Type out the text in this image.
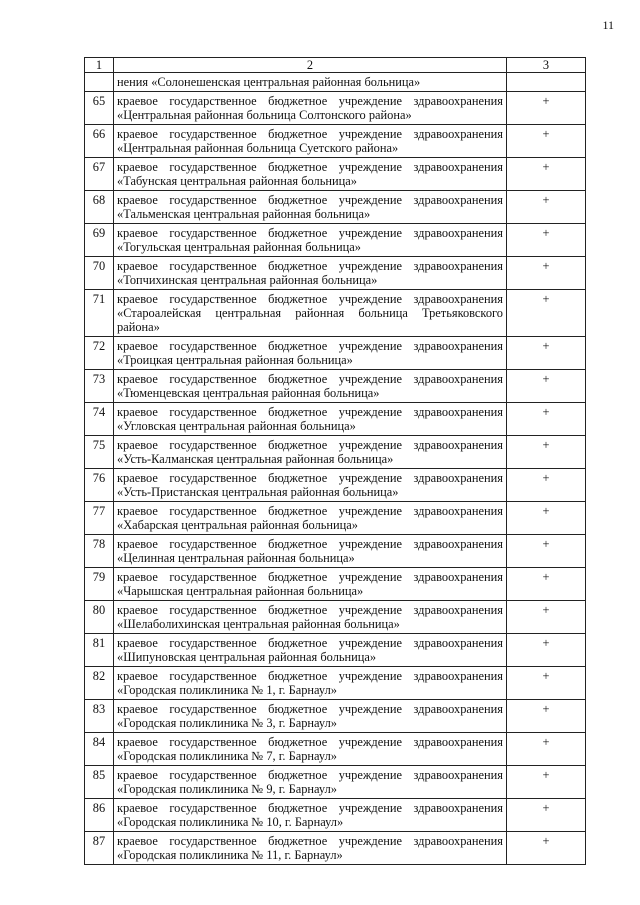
11
1	2	3
	нения «Солонешенская центральная районная больница»	
65	краевое государственное бюджетное учреждение здравоохранения «Центральная районная больница Солтонского района»	+
66	краевое государственное бюджетное учреждение здравоохранения «Центральная районная больница Суетского района»	+
67	краевое государственное бюджетное учреждение здравоохранения «Табунская центральная районная больница»	+
68	краевое государственное бюджетное учреждение здравоохранения «Тальменская центральная районная больница»	+
69	краевое государственное бюджетное учреждение здравоохранения «Тогульская центральная районная больница»	+
70	краевое государственное бюджетное учреждение здравоохранения «Топчихинская центральная районная больница»	+
71	краевое государственное бюджетное учреждение здравоохранения «Староалейская центральная районная больница Третьяковского района»	+
72	краевое государственное бюджетное учреждение здравоохранения «Троицкая центральная районная больница»	+
73	краевое государственное бюджетное учреждение здравоохранения «Тюменцевская центральная районная больница»	+
74	краевое государственное бюджетное учреждение здравоохранения «Угловская центральная районная больница»	+
75	краевое государственное бюджетное учреждение здравоохранения «Усть-Калманская центральная районная больница»	+
76	краевое государственное бюджетное учреждение здравоохранения «Усть-Пристанская центральная районная больница»	+
77	краевое государственное бюджетное учреждение здравоохранения «Хабарская центральная районная больница»	+
78	краевое государственное бюджетное учреждение здравоохранения «Целинная центральная районная больница»	+
79	краевое государственное бюджетное учреждение здравоохранения «Чарышская центральная районная больница»	+
80	краевое государственное бюджетное учреждение здравоохранения «Шелаболихинская центральная районная больница»	+
81	краевое государственное бюджетное учреждение здравоохранения «Шипуновская центральная районная больница»	+
82	краевое государственное бюджетное учреждение здравоохранения «Городская поликлиника № 1, г. Барнаул»	+
83	краевое государственное бюджетное учреждение здравоохранения «Городская поликлиника № 3, г. Барнаул»	+
84	краевое государственное бюджетное учреждение здравоохранения «Городская поликлиника № 7, г. Барнаул»	+
85	краевое государственное бюджетное учреждение здравоохранения «Городская поликлиника № 9, г. Барнаул»	+
86	краевое государственное бюджетное учреждение здравоохранения «Городская поликлиника № 10, г. Барнаул»	+
87	краевое государственное бюджетное учреждение здравоохранения «Городская поликлиника № 11, г. Барнаул»	+
